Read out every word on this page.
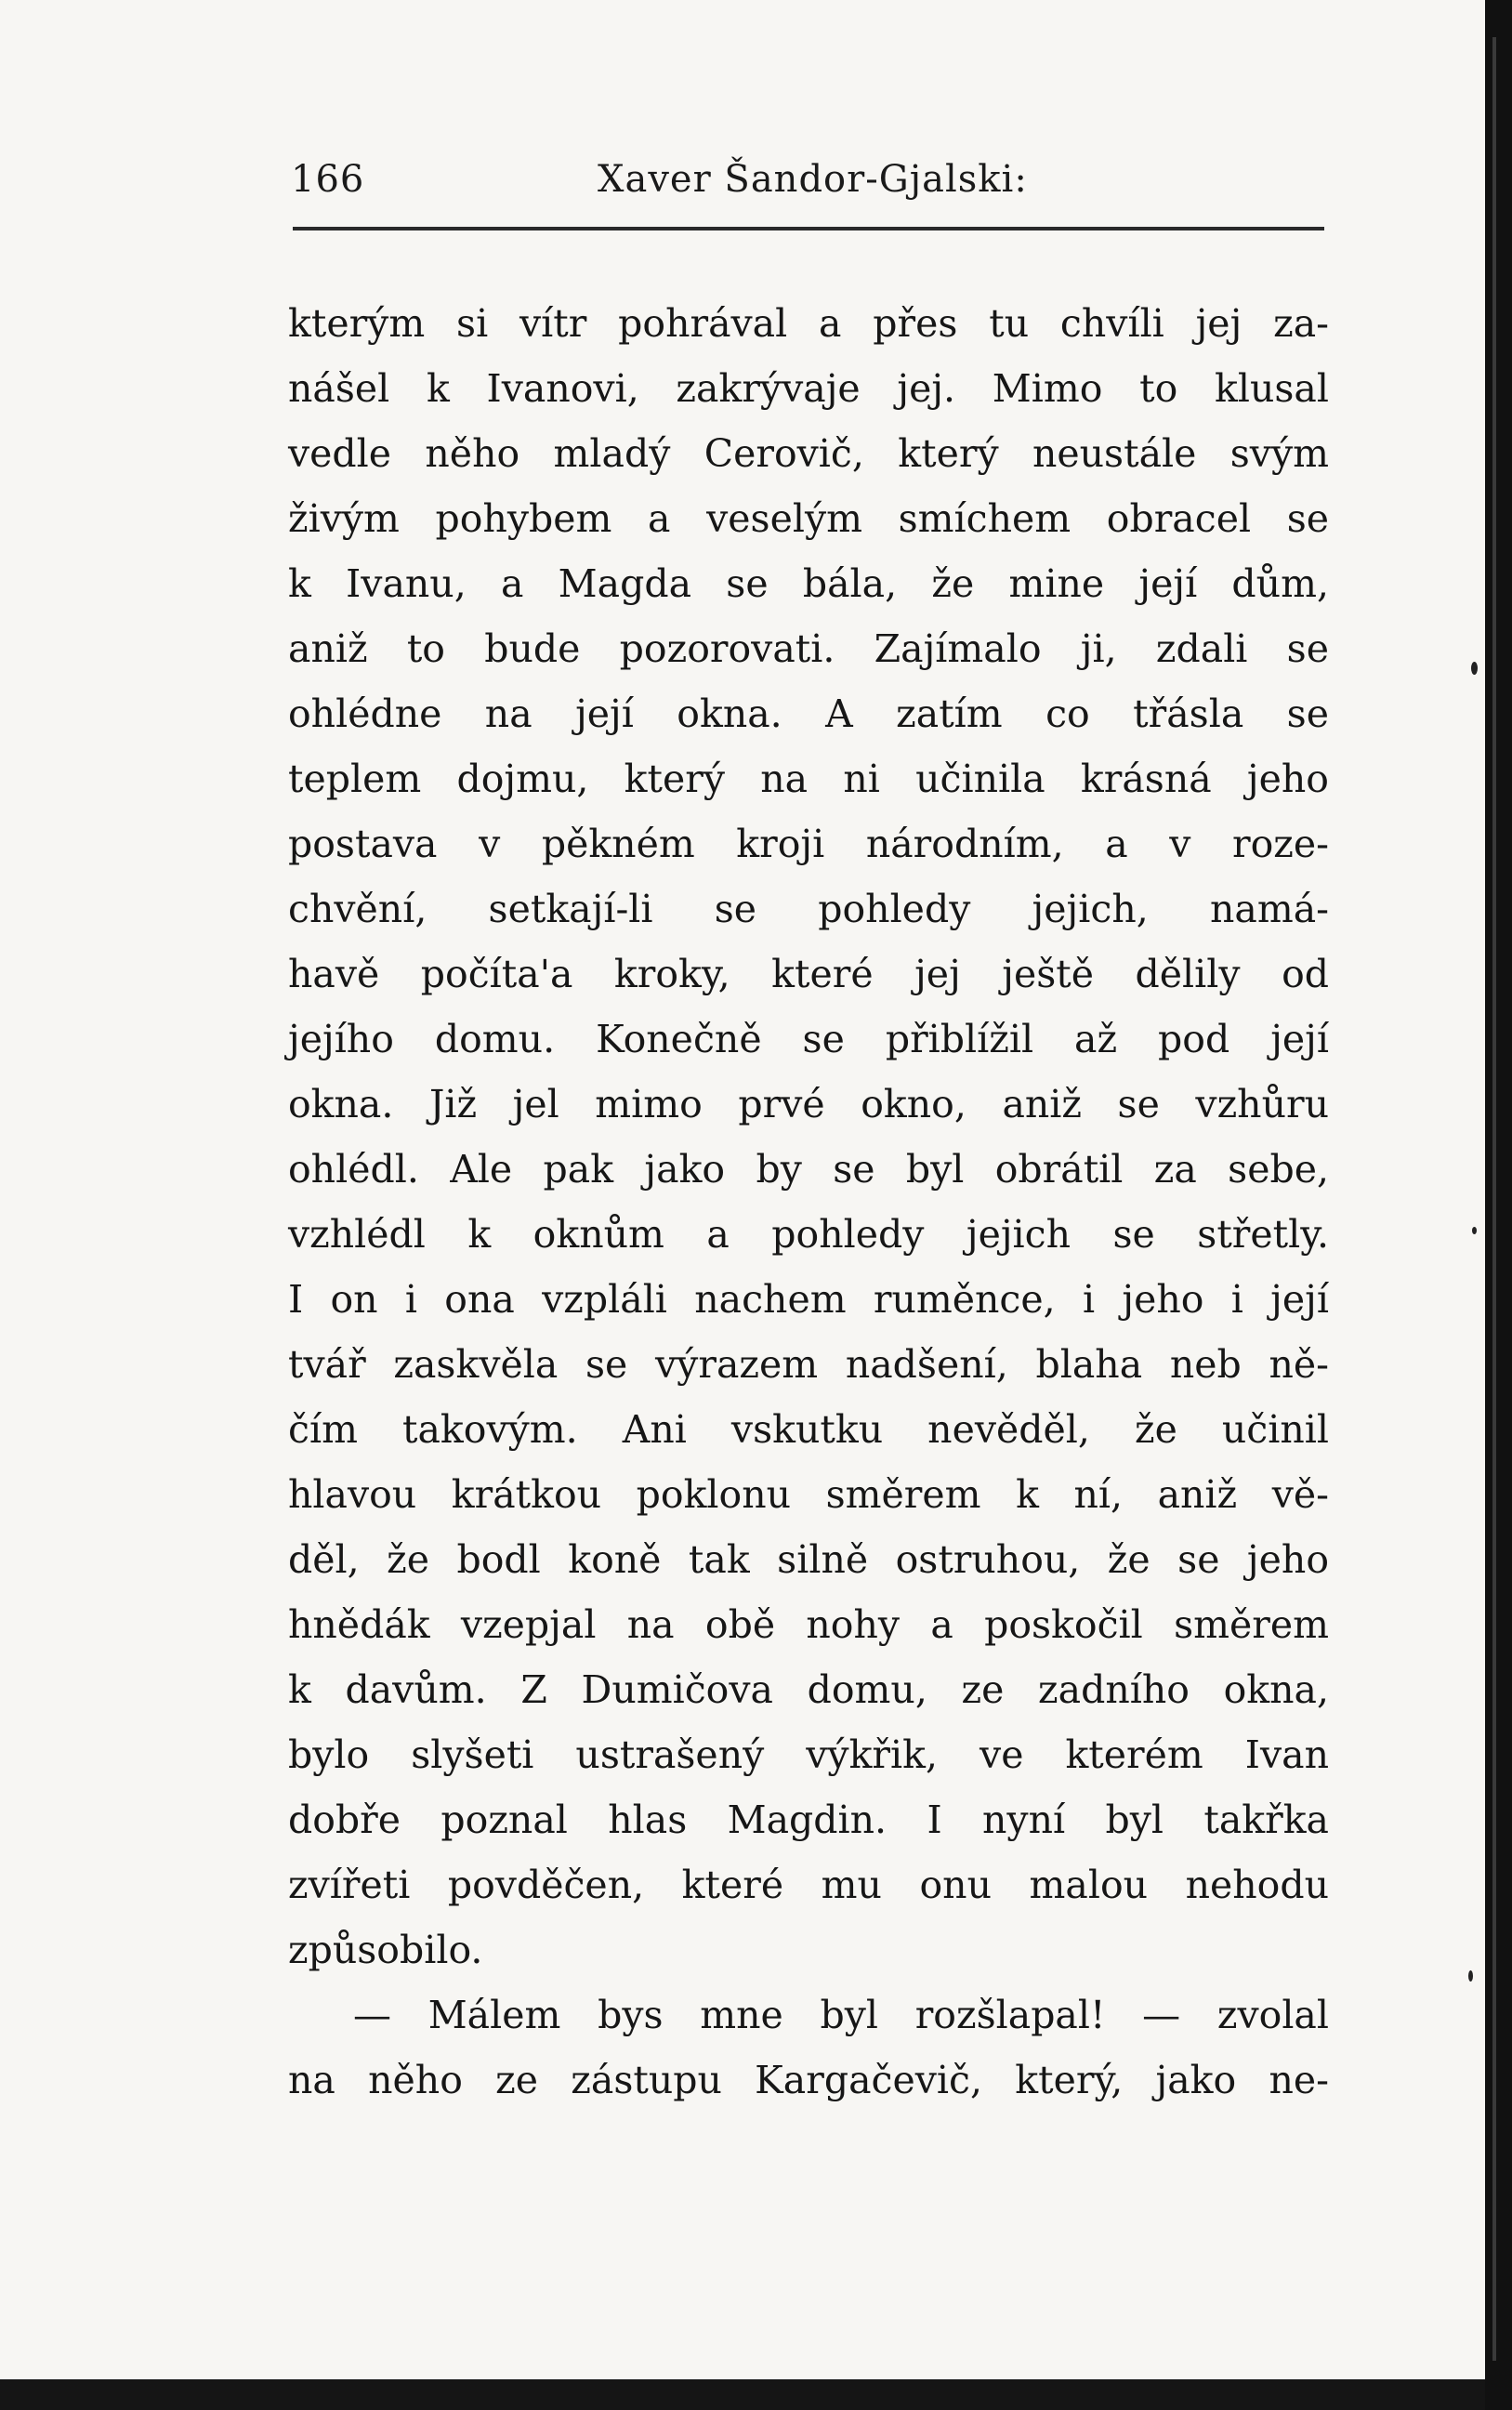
166	Xaver Šandor-Gjalski:
kterým si vítr pohrával a přes tu chvíli jej za-
nášel k Ivanovi, zakrývaje jej. Mimo to klusal
vedle něho mladý Cerovič, který neustále svým
živým pohybem a veselým smíchem obracel se
k Ivanu, a Magda se bála, že mine její dům,
aniž to bude pozorovati. Zajímalo ji, zdali se
ohlédne na její okna. A zatím co třásla se
teplem dojmu, který na ni učinila krásná jeho
postava v pěkném kroji národním, a v roze-
chvění, setkají-li se pohledy jejich, namá-
havě počíta'a kroky, které jej ještě dělily od
jejího domu. Konečně se přiblížil až pod její
okna. Již jel mimo prvé okno, aniž se vzhůru
ohlédl. Ale pak jako by se byl obrátil za sebe,
vzhlédl k oknům a pohledy jejich se střetly.
I on i ona vzpláli nachem ruměnce, i jeho i její
tvář zaskvěla se výrazem nadšení, blaha neb ně-
čím takovým. Ani vskutku nevěděl, že učinil
hlavou krátkou poklonu směrem k ní, aniž vě-
děl, že bodl koně tak silně ostruhou, že se jeho
hnědák vzepjal na obě nohy a poskočil směrem
k davům. Z Dumičova domu, ze zadního okna,
bylo slyšeti ustrašený výkřik, ve kterém Ivan
dobře poznal hlas Magdin. I nyní byl takřka
zvířeti povděčen, které mu onu malou nehodu
způsobilo.
— Málem bys mne byl rozšlapal! — zvolal
na něho ze zástupu Kargačevič, který, jako ne-
